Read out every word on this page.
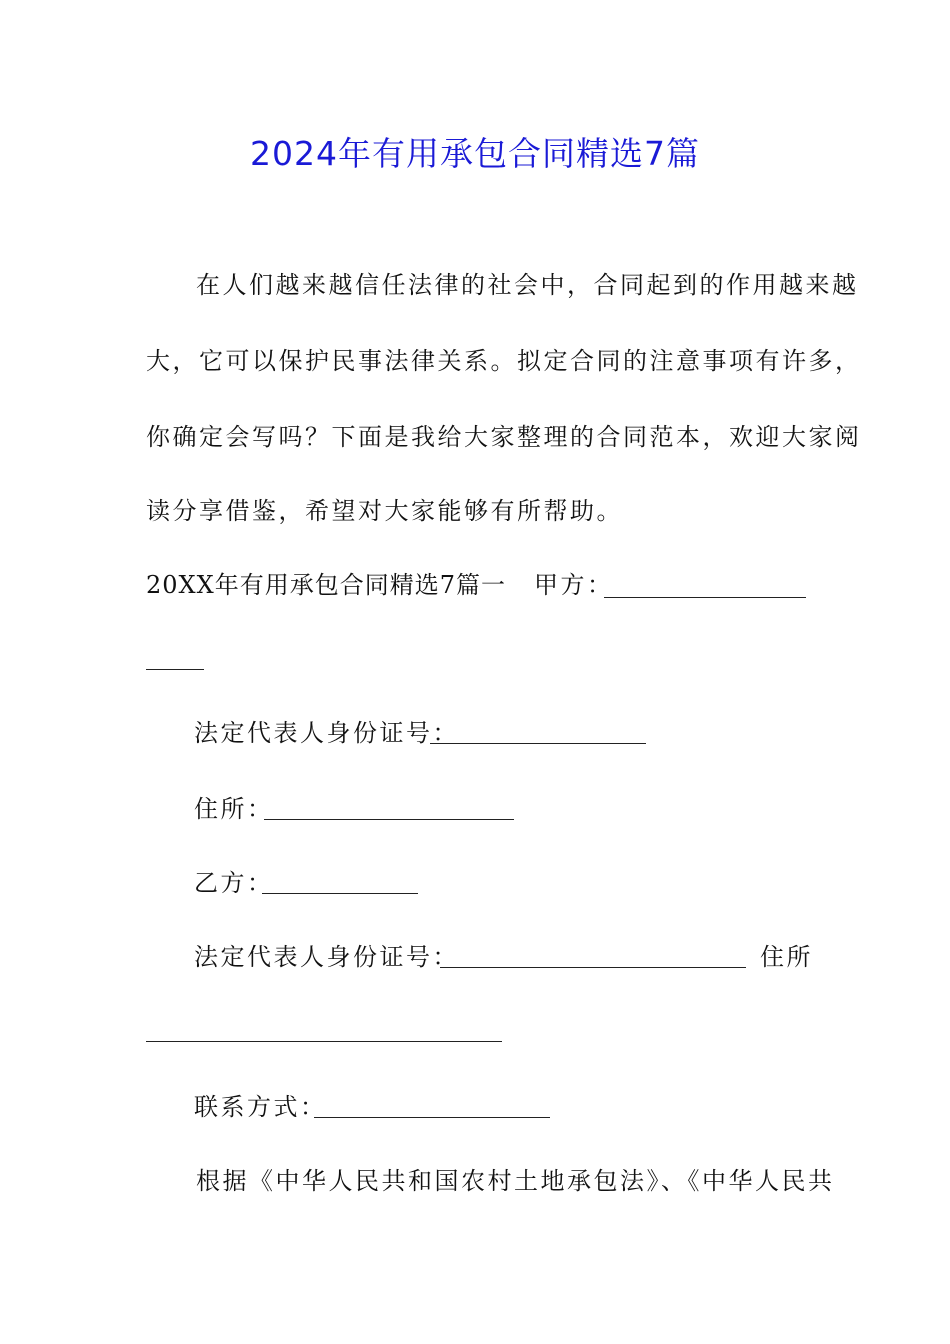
2024年有用承包合同精选7篇
在人们越来越信任法律的社会中，合同起到的作用越来越
大，它可以保护民事法律关系。拟定合同的注意事项有许多，
你确定会写吗？下面是我给大家整理的合同范本，欢迎大家阅
读分享借鉴，希望对大家能够有所帮助。
20XX年有用承包合同精选7篇一 甲方：
法定代表人身份证号：
住所：
乙方：
法定代表人身份证号：	住所
联系方式：
根据《中华人民共和国农村土地承包法》、《中华人民共
